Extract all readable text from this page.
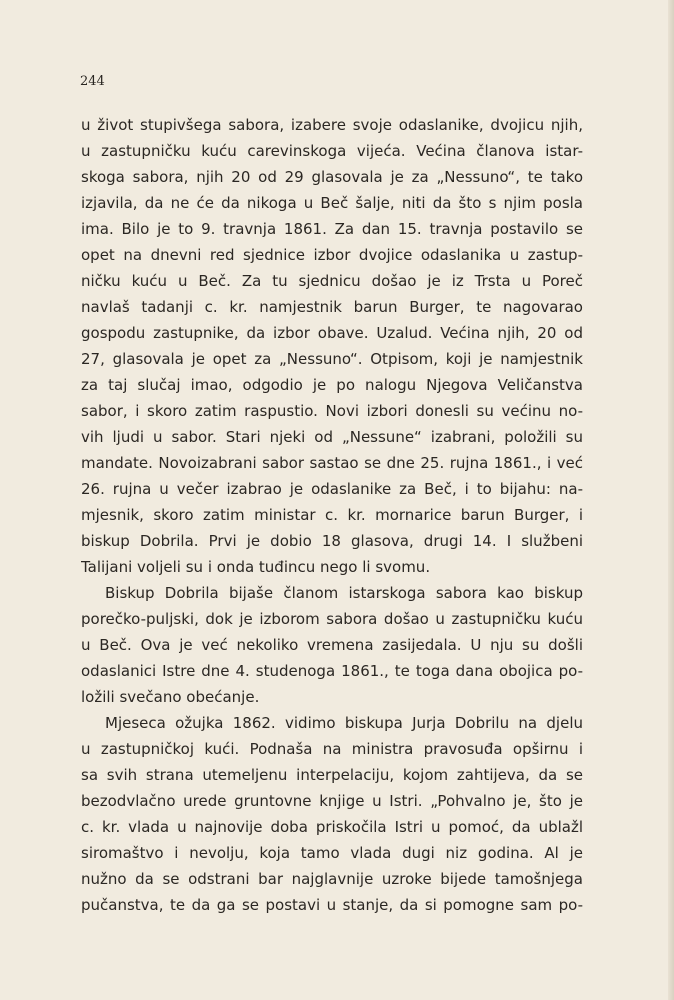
244

u život stupivšega sabora, izabere svoje odaslanike, dvojicu njih,
u zastupničku kuću carevinskoga vijeća. Većina članova istar-
skoga sabora, njih 20 od 29 glasovala je za „Nessuno“, te tako
izjavila, da ne će da nikoga u Beč šalje, niti da što s njim posla
ima. Bilo je to 9. travnja 1861. Za dan 15. travnja postavilo se
opet na dnevni red sjednice izbor dvojice odaslanika u zastup-
ničku kuću u Beč. Za tu sjednicu došao je iz Trsta u Poreč
navlaš tadanji c. kr. namjestnik barun Burger, te nagovarao
gospodu zastupnike, da izbor obave. Uzalud. Većina njih, 20 od
27, glasovala je opet za „Nessuno“. Otpisom, koji je namjestnik
za taj slučaj imao, odgodio je po nalogu Njegova Veličanstva
sabor, i skoro zatim raspustio. Novi izbori donesli su većinu no-
vih ljudi u sabor. Stari njeki od „Nessune“ izabrani, položili su
mandate. Novoizabrani sabor sastao se dne 25. rujna 1861., i već
26. rujna u večer izabrao je odaslanike za Beč, i to bijahu: na-
mjesnik, skoro zatim ministar c. kr. mornarice barun Burger, i
biskup Dobrila. Prvi je dobio 18 glasova, drugi 14. I službeni
Talijani voljeli su i onda tuđincu nego li svomu.
Biskup Dobrila bijaše članom istarskoga sabora kao biskup
porečko-puljski, dok je izborom sabora došao u zastupničku kuću
u Beč. Ova je već nekoliko vremena zasijedala. U nju su došli
odaslanici Istre dne 4. studenoga 1861., te toga dana obojica po-
ložili svečano obećanje.
Mjeseca ožujka 1862. vidimo biskupa Jurja Dobrilu na djelu
u zastupničkoj kući. Podnaša na ministra pravosuđa opširnu i
sa svih strana utemeljenu interpelaciju, kojom zahtijeva, da se
bezodvlačno urede gruntovne knjige u Istri. „Pohvalno je, što je
c. kr. vlada u najnovije doba priskočila Istri u pomoć, da ublažl
siromaštvo i nevolju, koja tamo vlada dugi niz godina. Al je
nužno da se odstrani bar najglavnije uzroke bijede tamošnjega
pučanstva, te da ga se postavi u stanje, da si pomogne sam po-
